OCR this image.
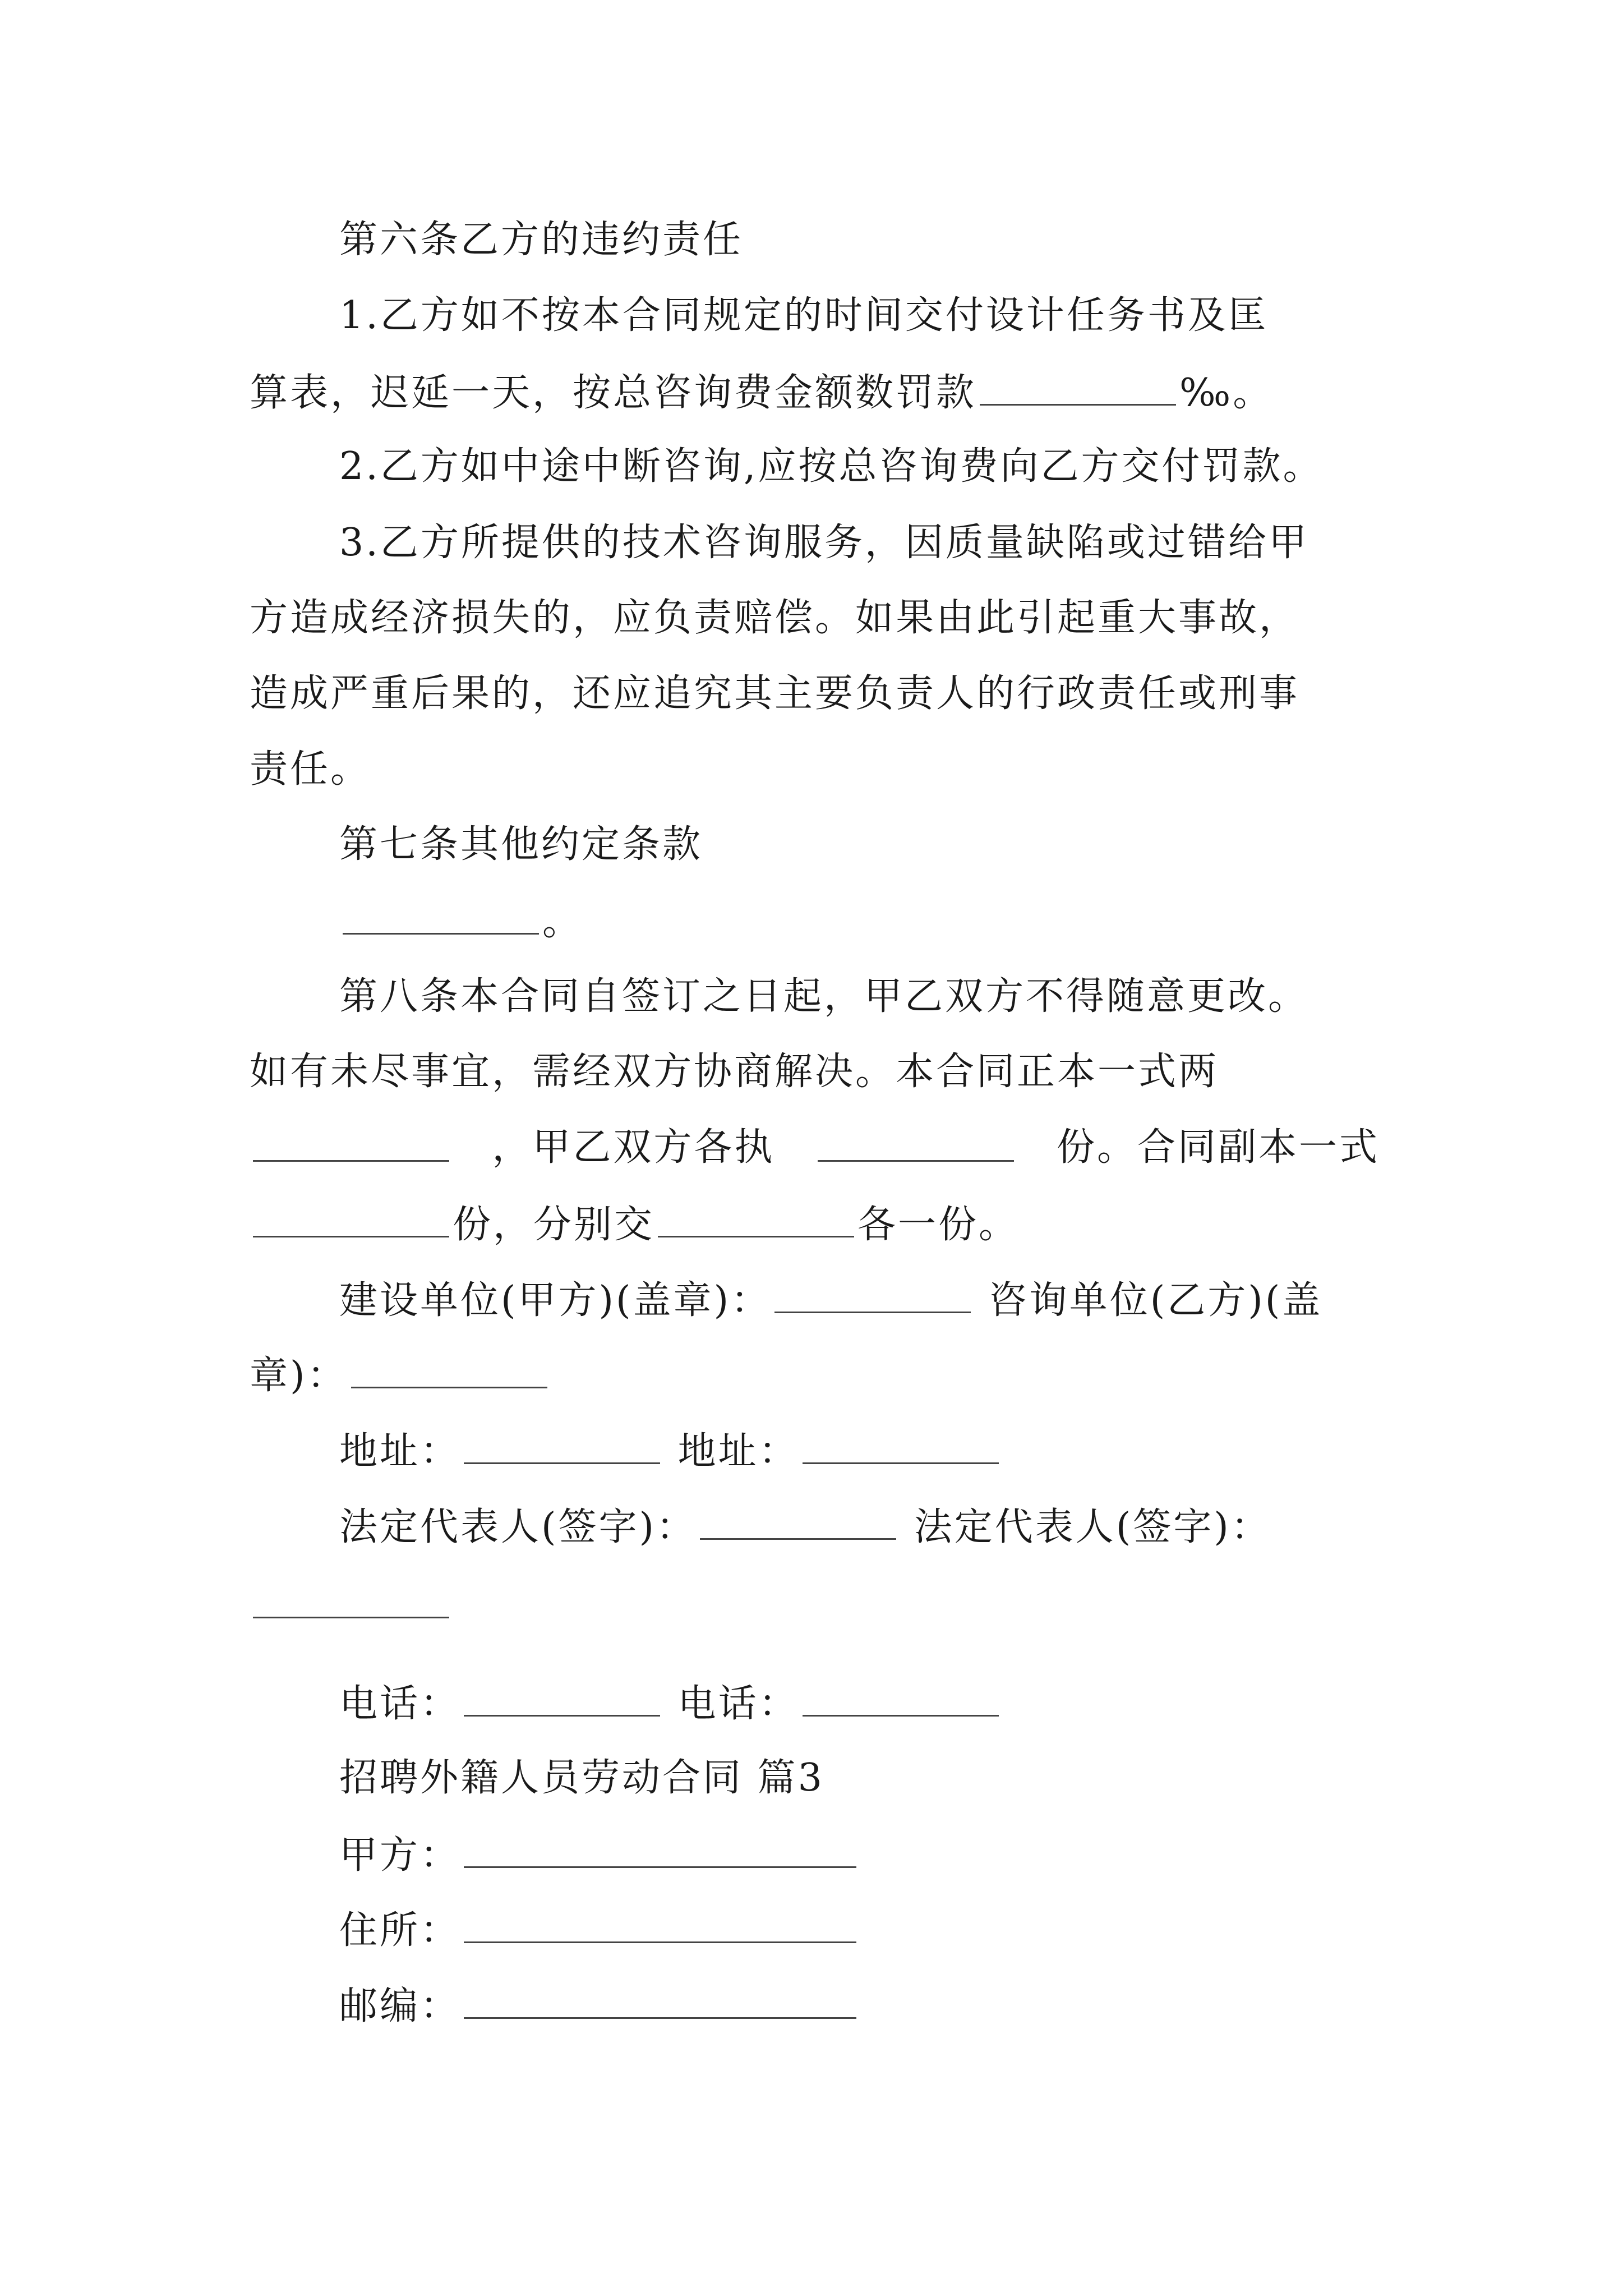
第六条乙方的违约责任
1.乙方如不按本合同规定的时间交付设计任务书及匡
算表，迟延一天，按总咨询费金额数罚款	‰。
2.乙方如中途中断咨询,应按总咨询费向乙方交付罚款。
3.乙方所提供的技术咨询服务，因质量缺陷或过错给甲
方造成经济损失的，应负责赔偿。如果由此引起重大事故，
造成严重后果的，还应追究其主要负责人的行政责任或刑事
责任。
第七条其他约定条款
。
第八条本合同自签订之日起，甲乙双方不得随意更改。
如有未尽事宜，需经双方协商解决。本合同正本一式两
，甲乙双方各执	份。合同副本一式
份，分别交	各一份。
建设单位(甲方)(盖章)：	咨询单位(乙方)(盖
章)：
地址：	地址：
法定代表人(签字)：	法定代表人(签字)：
电话：	电话：
招聘外籍人员劳动合同 篇3
甲方：
住所：
邮编：
